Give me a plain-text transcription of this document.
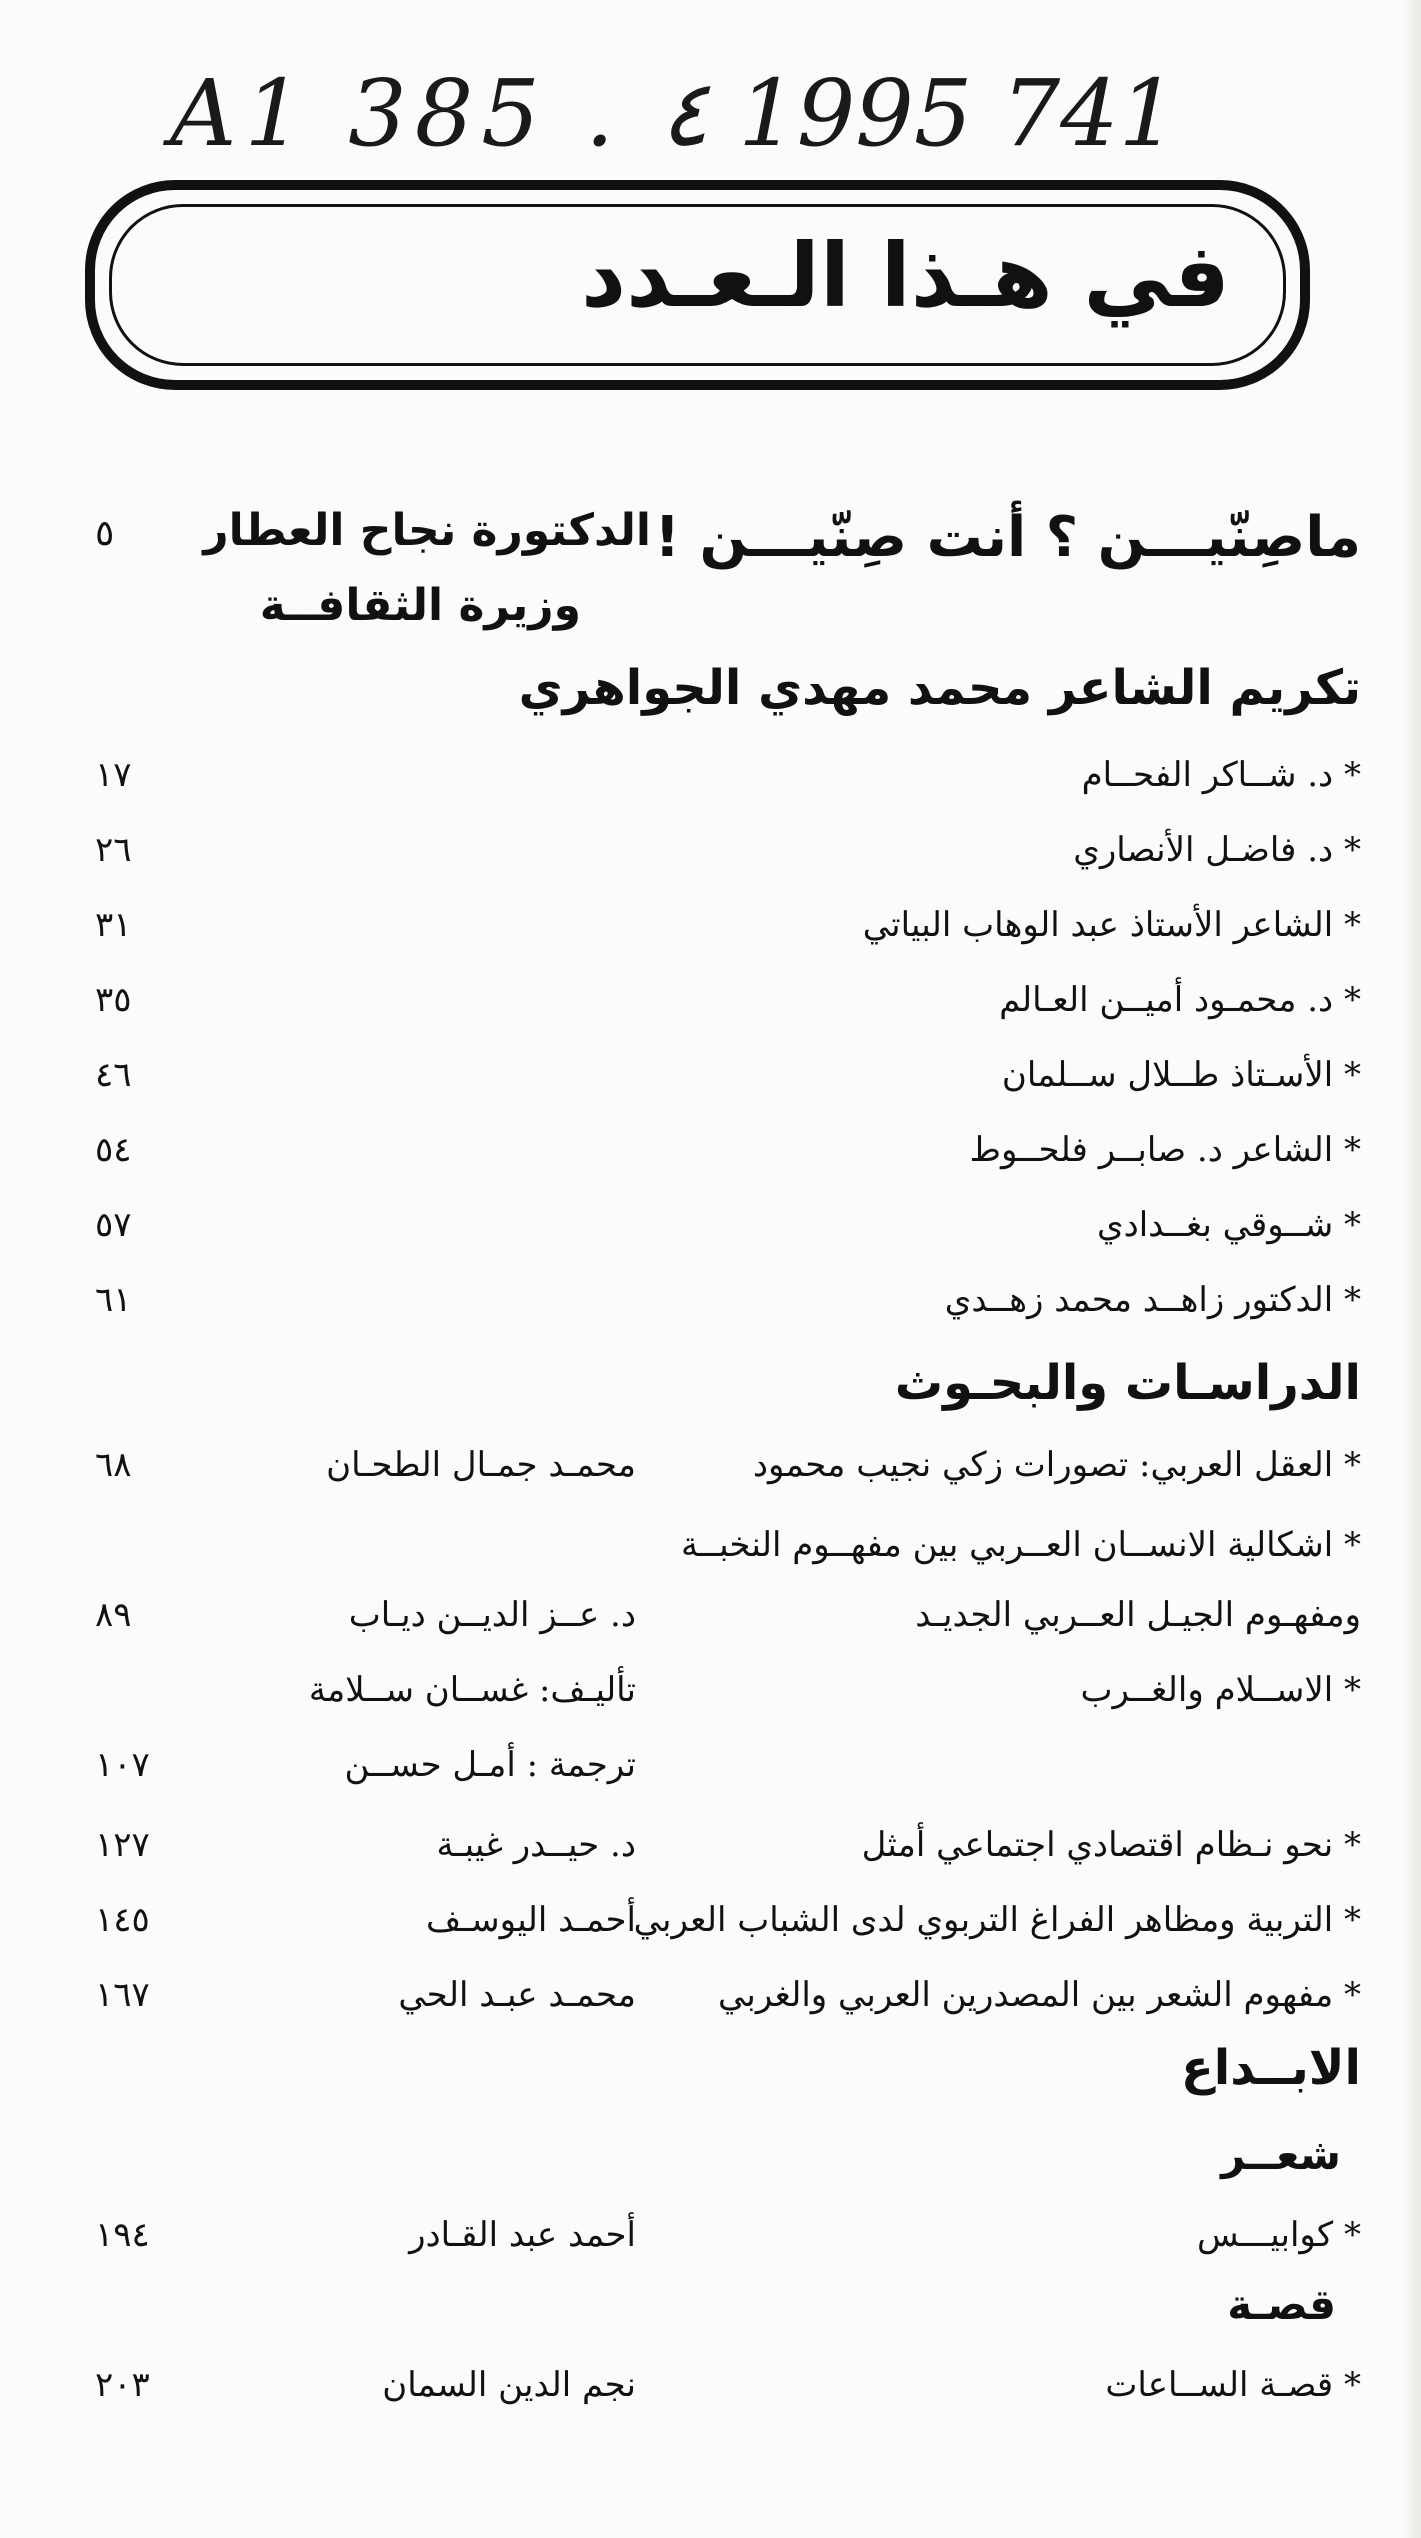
A1 385 . ٤ 1995 741
في هـذا الـعـدد
ماصِنّيـــن ؟ أنت صِنّيـــن !
الدكتورة نجاح العطار
٥
وزيرة الثقافــة
تكريم الشاعر محمد مهدي الجواهري
* د. شــاكر الفحــام
١٧
* د. فاضـل الأنصاري
٢٦
* الشاعر الأستاذ عبد الوهاب البياتي
٣١
* د. محمـود أميــن العـالم
٣٥
* الأسـتاذ طــلال ســلمان
٤٦
* الشاعر د. صابــر فلحــوط
٥٤
* شــوقي بغــدادي
٥٧
* الدكتور زاهــد محمد زهــدي
٦١
الدراسـات والبحـوث
* العقل العربي: تصورات زكي نجيب محمود
محمـد جمـال الطحـان
٦٨
* اشكالية الانســان العــربي بين مفهــوم النخبــة
ومفهـوم الجيـل العــربي الجديـد
د. عــز الديــن ديـاب
٨٩
* الاســلام والغــرب
تأليـف: غســان ســلامة
ترجمة : أمـل حســن
١٠٧
* نحو نـظام اقتصادي اجتماعي أمثل
د. حيــدر غيبـة
١٢٧
* التربية ومظاهر الفراغ التربوي لدى الشباب العربي
أحمـد اليوسـف
١٤٥
* مفهوم الشعر بين المصدرين العربي والغربي
محمـد عبـد الحي
١٦٧
الابــداع
شعــر
* كوابيـــس
أحمد عبد القـادر
١٩٤
قصـة
* قصـة الســاعات
نجم الدين السمان
٢٠٣
